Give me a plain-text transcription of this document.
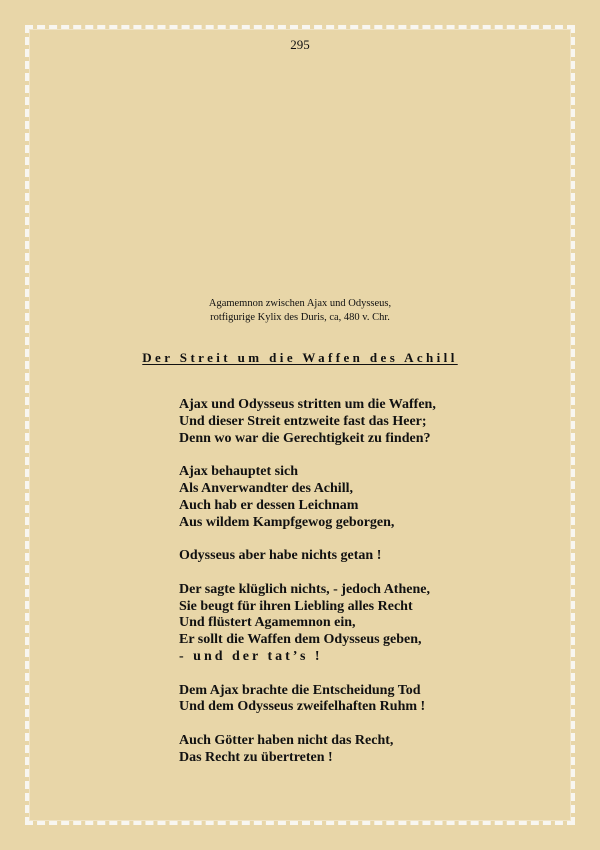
295
Agamemnon zwischen Ajax und Odysseus,
rotfigurige Kylix des Duris, ca, 480 v. Chr.
Der Streit um die Waffen des Achill
Ajax und Odysseus stritten um die Waffen,
Und dieser Streit entzweite fast das Heer;
Denn wo war die Gerechtigkeit zu finden?
Ajax behauptet sich
Als Anverwandter des Achill,
Auch hab er dessen Leichnam
Aus wildem Kampfgewog geborgen,
Odysseus aber habe nichts getan !
Der sagte klüglich nichts, - jedoch Athene,
Sie beugt für ihren Liebling alles Recht
Und flüstert Agamemnon ein,
Er sollt die Waffen dem Odysseus geben,
- und der tat’s !
Dem Ajax brachte die Entscheidung Tod
Und dem Odysseus zweifelhaften Ruhm !
Auch Götter haben nicht das Recht,
Das Recht zu übertreten !
